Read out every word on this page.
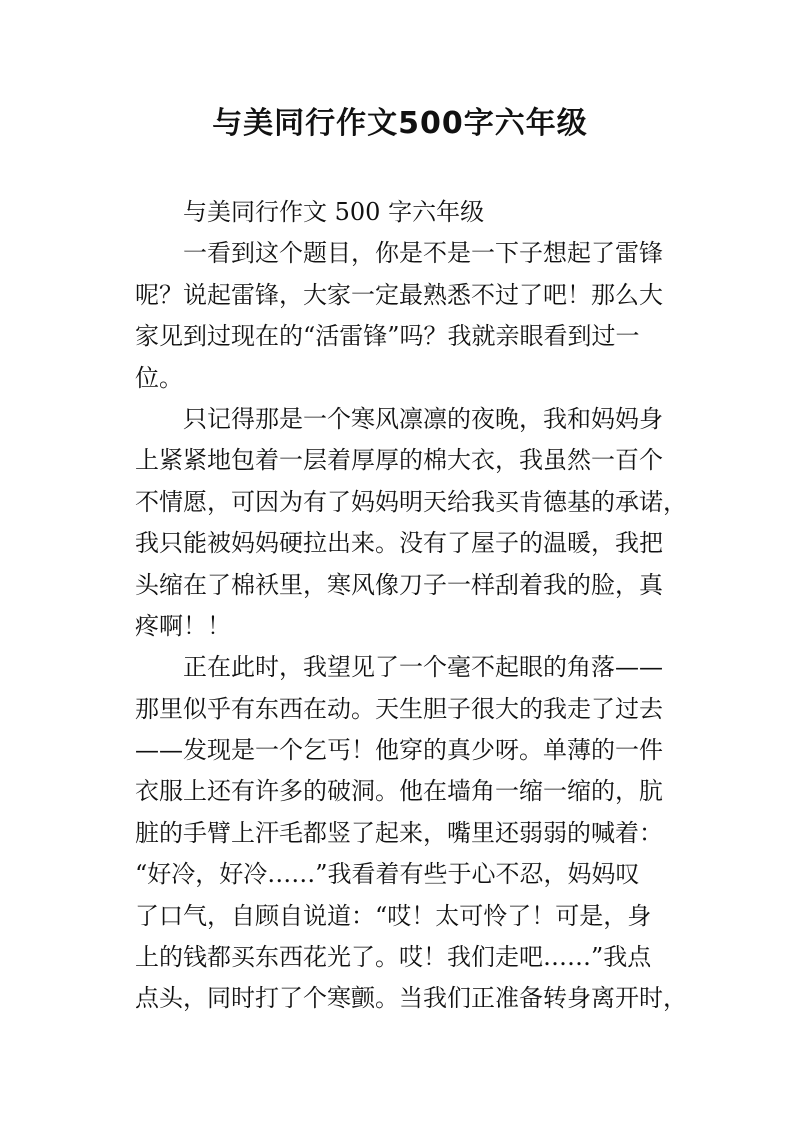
与美同行作文500字六年级
与美同行作文 500 字六年级
一看到这个题目，你是不是一下子想起了雷锋
呢？说起雷锋，大家一定最熟悉不过了吧！那么大
家见到过现在的“活雷锋”吗？我就亲眼看到过一
位。
只记得那是一个寒风凛凛的夜晚，我和妈妈身
上紧紧地包着一层着厚厚的棉大衣，我虽然一百个
不情愿，可因为有了妈妈明天给我买肯德基的承诺，
我只能被妈妈硬拉出来。没有了屋子的温暖，我把
头缩在了棉袄里，寒风像刀子一样刮着我的脸，真
疼啊！！
正在此时，我望见了一个毫不起眼的角落——
那里似乎有东西在动。天生胆子很大的我走了过去
——发现是一个乞丐！他穿的真少呀。单薄的一件
衣服上还有许多的破洞。他在墙角一缩一缩的，肮
脏的手臂上汗毛都竖了起来，嘴里还弱弱的喊着：
“好冷，好冷……”我看着有些于心不忍，妈妈叹
了口气，自顾自说道：“哎！太可怜了！可是，身
上的钱都买东西花光了。哎！我们走吧……”我点
点头，同时打了个寒颤。当我们正准备转身离开时，
